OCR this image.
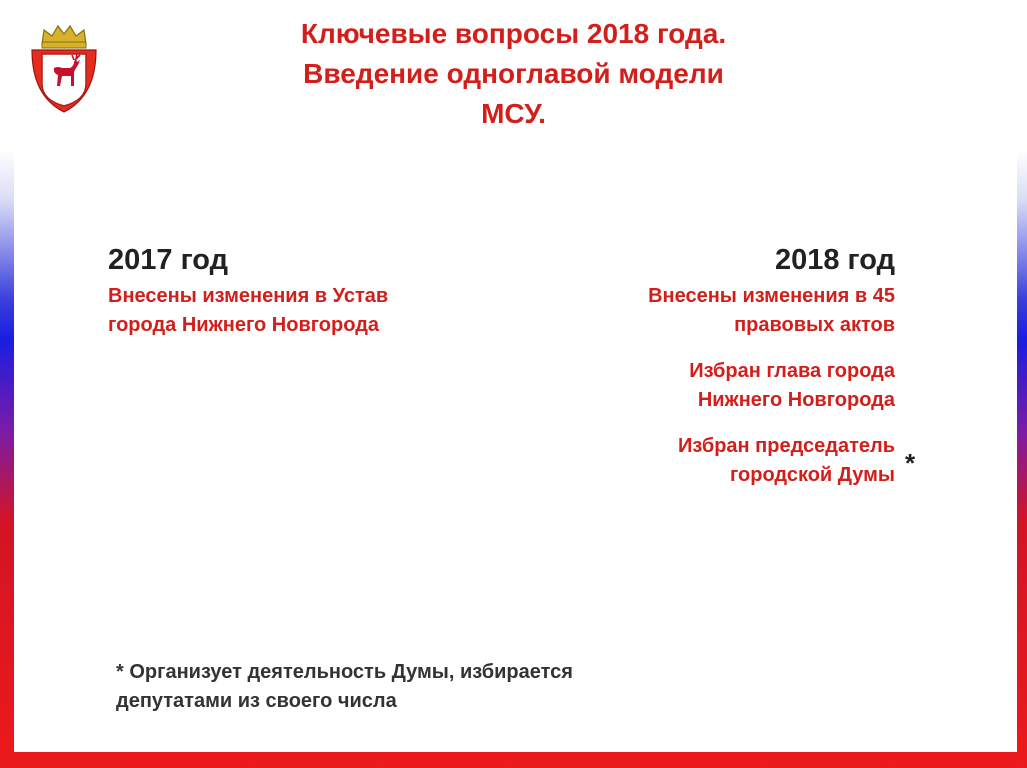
Ключевые вопросы 2018 года.
Введение одноглавой модели
МСУ.

2017 год

Внесены изменения в Устав
города Нижнего Новгорода

2018 год

Внесены изменения в 45
правовых актов

Избран глава города
Нижнего Новгорода

Избран председатель
городской Думы *

* Организует деятельность Думы, избирается
депутатами из своего числа
